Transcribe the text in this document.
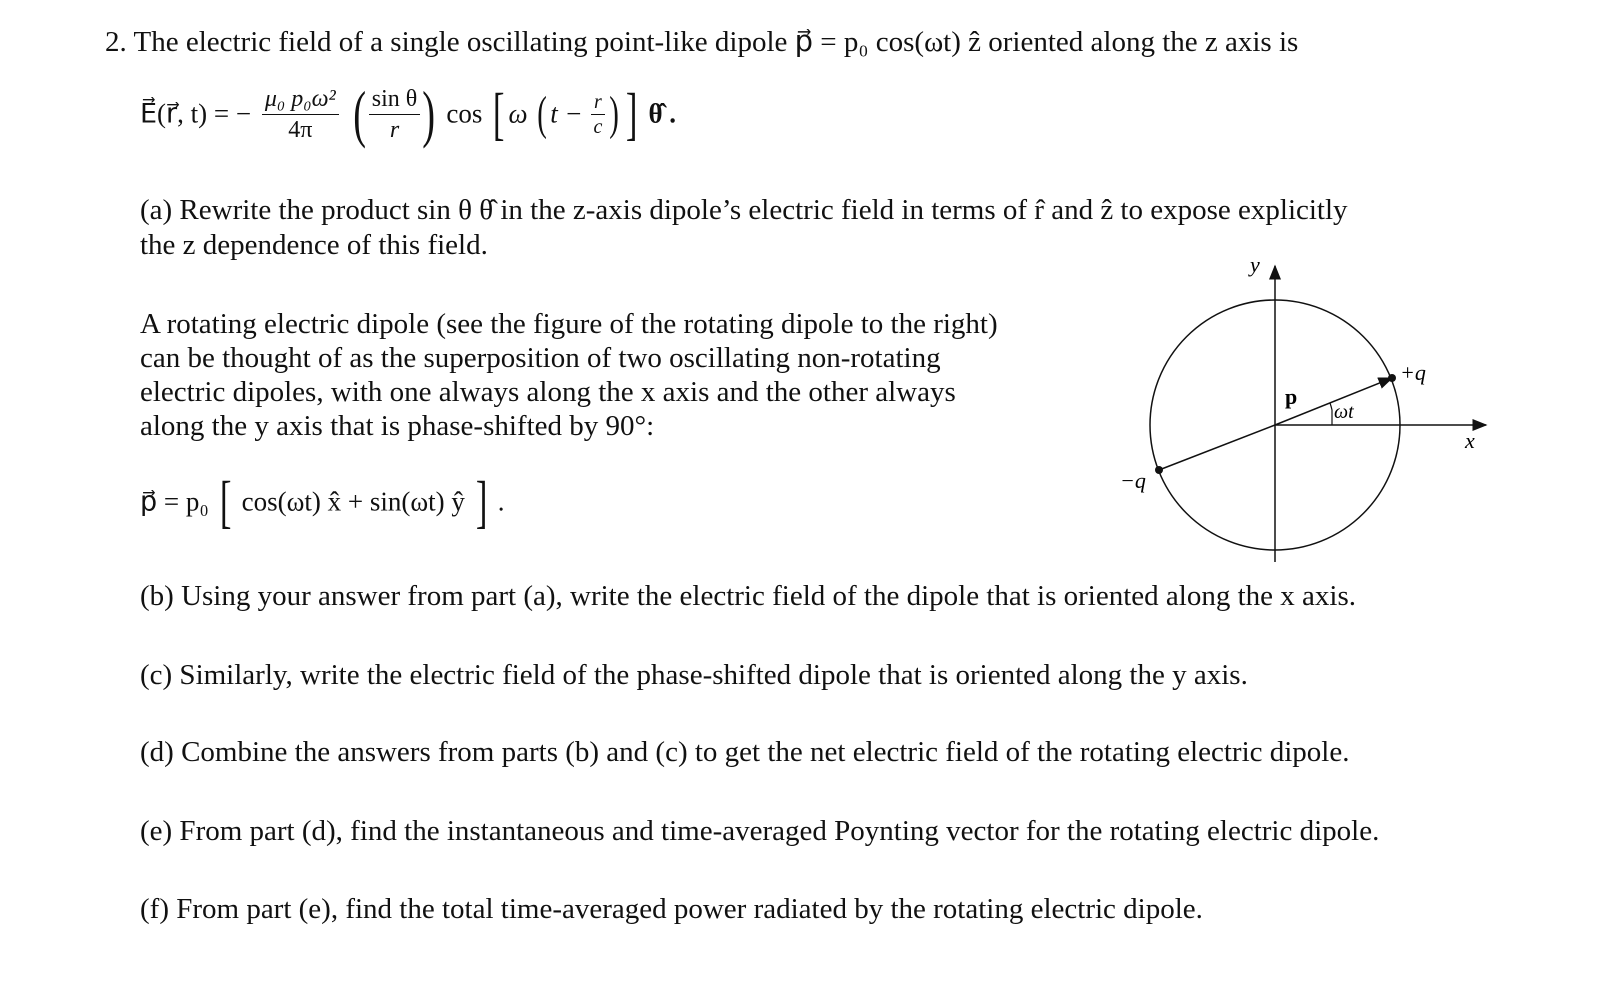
2. The electric field of a single oscillating point-like dipole p⃗ = p₀ cos(ωt) ẑ oriented along the z axis is
E⃗(r⃗, t) = − $\frac{\text{μ₀ p₀ω²}}{4\pi}$ ( $\frac{\text{sin θ}}{r}$ ) cos [ ω ( $t - \frac{r}{c}$ ) ] θ̂ .
(a) Rewrite the product sin θ θ̂ in the z-axis dipole’s electric field in terms of r̂ and ẑ to expose explicitly
the z dependence of this field.
A rotating electric dipole (see the figure of the rotating dipole to the right)
can be thought of as the superposition of two oscillating non-rotating
electric dipoles, with one always along the x axis and the other always
along the y axis that is phase-shifted by 90°:
p⃗ = p₀ [ cos(ωt) x̂ + sin(ωt) ŷ ] .
y
x
p
ωt
+q
−q
(b) Using your answer from part (a), write the electric field of the dipole that is oriented along the x axis.
(c) Similarly, write the electric field of the phase-shifted dipole that is oriented along the y axis.
(d) Combine the answers from parts (b) and (c) to get the net electric field of the rotating electric dipole.
(e) From part (d), find the instantaneous and time-averaged Poynting vector for the rotating electric dipole.
(f) From part (e), find the total time-averaged power radiated by the rotating electric dipole.
